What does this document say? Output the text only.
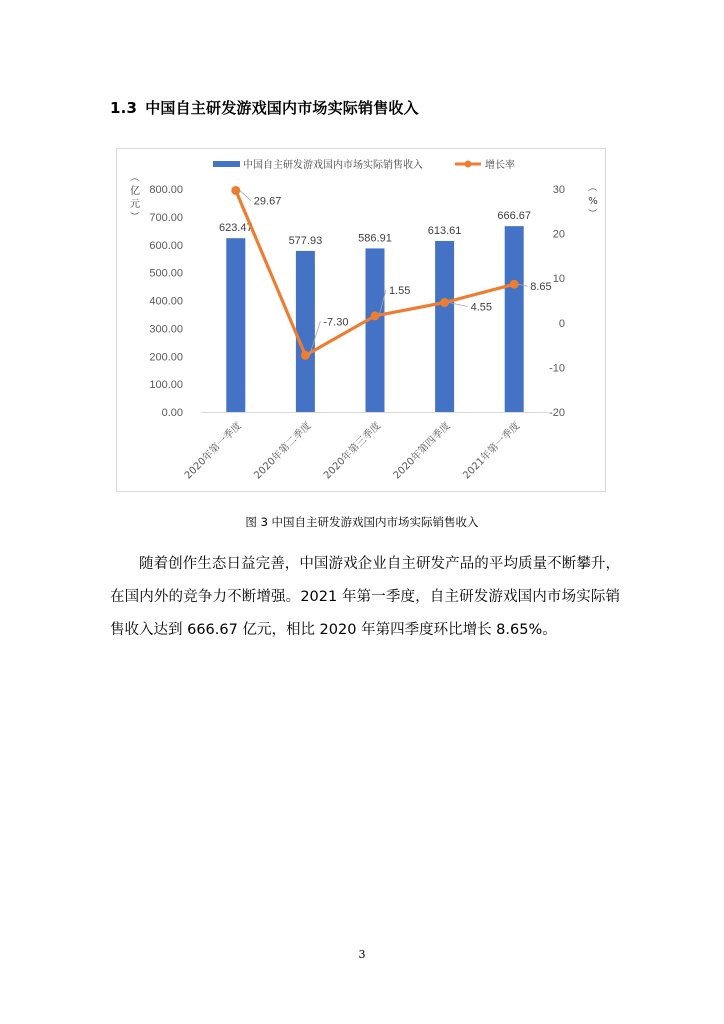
1.3 中国自主研发游戏国内市场实际销售收入
中国自主研发游戏国内市场实际销售收入	增长率
（
亿
元
）
（
%
）
0.00
100.00
200.00
300.00
400.00
500.00
600.00
700.00
800.00
-20
-10
0
10
20
30
623.47
577.93	586.91
613.61
666.67
29.67
-7.30
1.55
4.55
8.65
2020年第一季度 2020年第二季度 2020年第三季度 2020年第四季度 2021年第一季度
图 3 中国自主研发游戏国内市场实际销售收入

随着创作生态日益完善，中国游戏企业自主研发产品的平均质量不断攀升，在国内外的竞争力不断增强。2021 年第一季度，自主研发游戏国内市场实际销售收入达到 666.67 亿元，相比 2020 年第四季度环比增长 8.65%。

3
